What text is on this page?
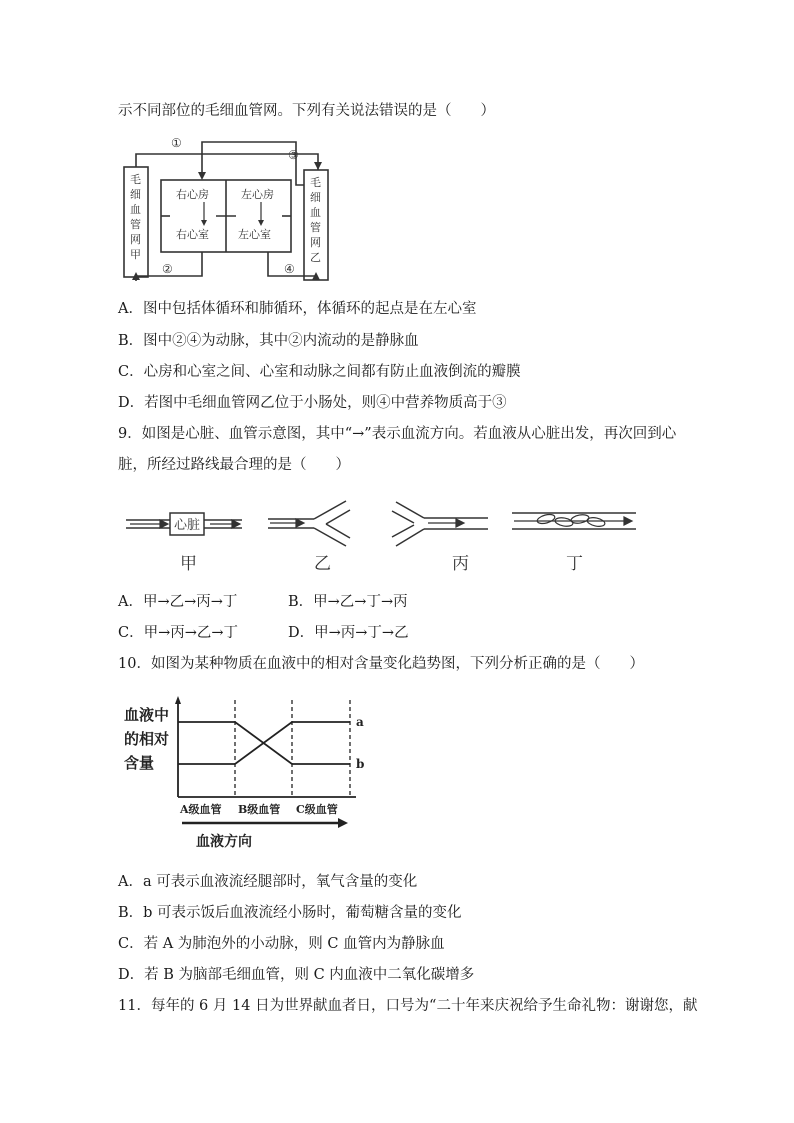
示不同部位的毛细血管网。下列有关说法错误的是（　　）
毛
细
血
管
网
甲
毛
细
血
管
网
乙
右心房
右心室
左心房
左心室
①
③
②	④
A．图中包括体循环和肺循环，体循环的起点是在左心室
B．图中②④为动脉，其中②内流动的是静脉血
C．心房和心室之间、心室和动脉之间都有防止血液倒流的瓣膜
D．若图中毛细血管网乙位于小肠处，则④中营养物质高于③
9．如图是心脏、血管示意图，其中“→”表示血流方向。若血液从心脏出发，再次回到心
脏，所经过路线最合理的是（　　）
心脏
甲	乙	丙	丁
A．甲→乙→丙→丁	B．甲→乙→丁→丙
C．甲→丙→乙→丁	D．甲→丙→丁→乙
10．如图为某种物质在血液中的相对含量变化趋势图，下列分析正确的是（　　）
血液中
的相对
含量
a
b
A级血管 B级血管 C级血管
血液方向
A．a 可表示血液流经腿部时，氧气含量的变化
B．b 可表示饭后血液流经小肠时，葡萄糖含量的变化
C．若 A 为肺泡外的小动脉，则 C 血管内为静脉血
D．若 B 为脑部毛细血管，则 C 内血液中二氧化碳增多
11．每年的 6 月 14 日为世界献血者日，口号为“二十年来庆祝给予生命礼物：谢谢您，献
